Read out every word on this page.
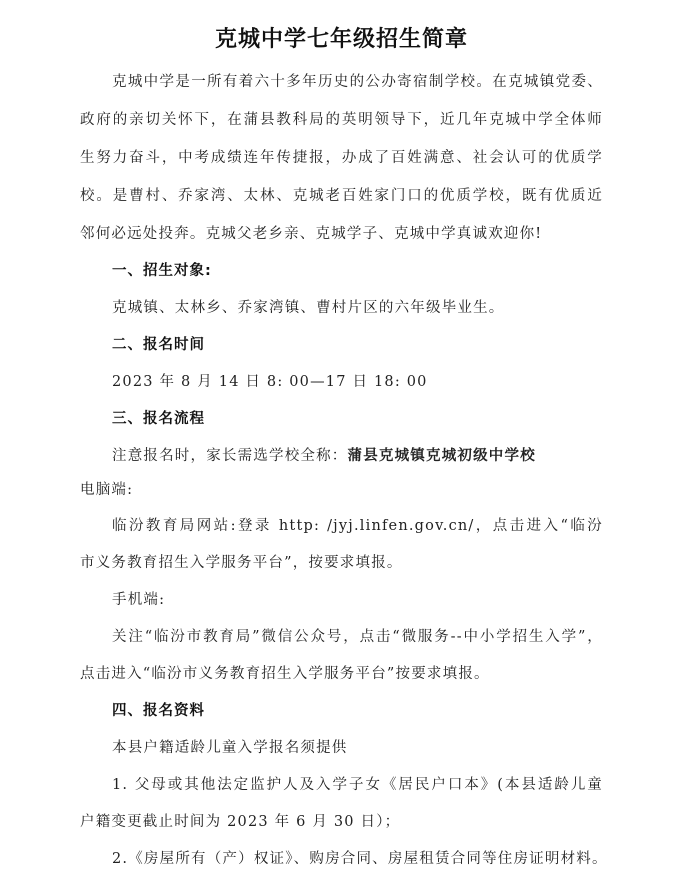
克城中学七年级招生简章
克城中学是一所有着六十多年历史的公办寄宿制学校。在克城镇党委、
政府的亲切关怀下，在蒲县教科局的英明领导下，近几年克城中学全体师
生努力奋斗，中考成绩连年传捷报，办成了百姓满意、社会认可的优质学
校。是曹村、乔家湾、太林、克城老百姓家门口的优质学校，既有优质近
邻何必远处投奔。克城父老乡亲、克城学子、克城中学真诚欢迎你!
一、招生对象:
克城镇、太林乡、乔家湾镇、曹村片区的六年级毕业生。
二、报名时间
2023 年 8 月 14 日 8: 00—17 日 18: 00
三、报名流程
注意报名时，家长需选学校全称：蒲县克城镇克城初级中学校
电脑端:
临汾教育局网站:登录 http: /jyj.linfen.gov.cn/，点击进入“临汾
市义务教育招生入学服务平台”，按要求填报。
手机端:
关注“临汾市教育局”微信公众号，点击“微服务--中小学招生入学”，
点击进入“临汾市义务教育招生入学服务平台”按要求填报。
四、报名资料
本县户籍适龄儿童入学报名须提供
1. 父母或其他法定监护人及入学子女《居民户口本》(本县适龄儿童
户籍变更截止时间为 2023 年 6 月 30 日）；
2.《房屋所有（产）权证》、购房合同、房屋租赁合同等住房证明材料。
